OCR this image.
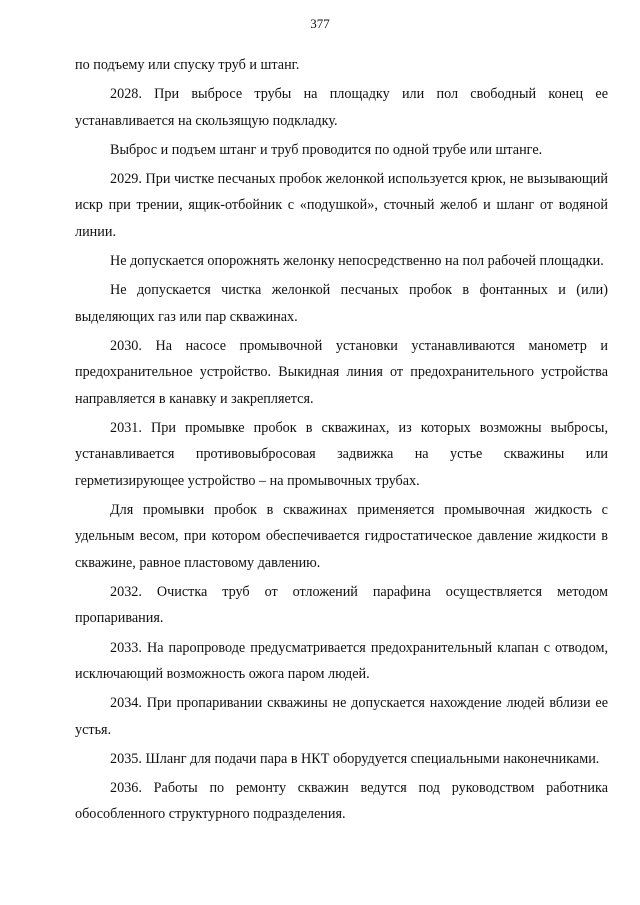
377

по подъему или спуску труб и штанг.

2028. При выбросе трубы на площадку или пол свободный конец ее устанавливается на скользящую подкладку.

Выброс и подъем штанг и труб проводится по одной трубе или штанге.

2029. При чистке песчаных пробок желонкой используется крюк, не вызывающий искр при трении, ящик-отбойник с «подушкой», сточный желоб и шланг от водяной линии.

Не допускается опорожнять желонку непосредственно на пол рабочей площадки.

Не допускается чистка желонкой песчаных пробок в фонтанных и (или) выделяющих газ или пар скважинах.

2030. На насосе промывочной установки устанавливаются манометр и предохранительное устройство. Выкидная линия от предохранительного устройства направляется в канавку и закрепляется.

2031. При промывке пробок в скважинах, из которых возможны выбросы, устанавливается противовыбросовая задвижка на устье скважины или герметизирующее устройство – на промывочных трубах.

Для промывки пробок в скважинах применяется промывочная жидкость с удельным весом, при котором обеспечивается гидростатическое давление жидкости в скважине, равное пластовому давлению.

2032. Очистка труб от отложений парафина осуществляется методом пропаривания.

2033. На паропроводе предусматривается предохранительный клапан с отводом, исключающий возможность ожога паром людей.

2034. При пропаривании скважины не допускается нахождение людей вблизи ее устья.

2035. Шланг для подачи пара в НКТ оборудуется специальными наконечниками.

2036. Работы по ремонту скважин ведутся под руководством работника обособленного структурного подразделения.
